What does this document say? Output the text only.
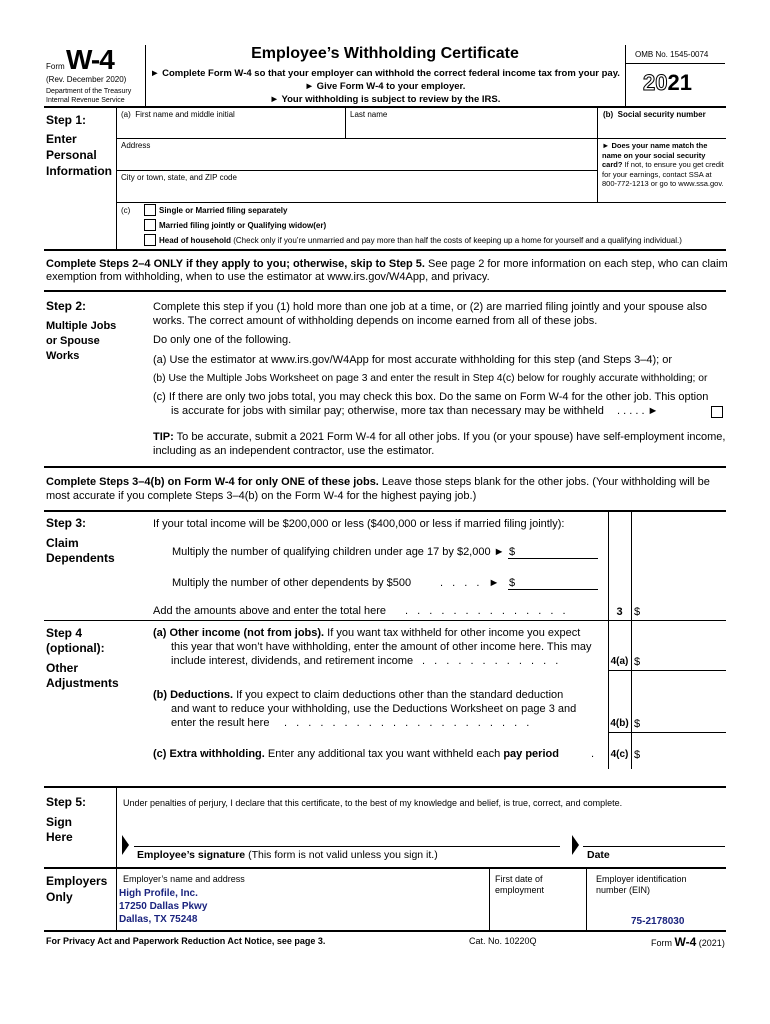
Form W-4
(Rev. December 2020)
Department of the Treasury
Internal Revenue Service
Employee’s Withholding Certificate
► Complete Form W-4 so that your employer can withhold the correct federal income tax from your pay.
► Give Form W-4 to your employer.
► Your withholding is subject to review by the IRS.
OMB No. 1545-0074
2021
Step 1:
Enter
Personal
Information
(a) First name and middle initial	Last name	(b) Social security number
Address	► Does your name match the name on your social security card? If not, to ensure you get credit for your earnings, contact SSA at 800-772-1213 or go to www.ssa.gov.
City or town, state, and ZIP code
(c)	Single or Married filing separately
Married filing jointly or Qualifying widow(er)
Head of household (Check only if you’re unmarried and pay more than half the costs of keeping up a home for yourself and a qualifying individual.)
Complete Steps 2–4 ONLY if they apply to you; otherwise, skip to Step 5. See page 2 for more information on each step, who can claim exemption from withholding, when to use the estimator at www.irs.gov/W4App, and privacy.
Step 2:
Multiple Jobs
or Spouse
Works
Complete this step if you (1) hold more than one job at a time, or (2) are married filing jointly and your spouse also works. The correct amount of withholding depends on income earned from all of these jobs.
Do only one of the following.
(a) Use the estimator at www.irs.gov/W4App for most accurate withholding for this step (and Steps 3–4); or
(b) Use the Multiple Jobs Worksheet on page 3 and enter the result in Step 4(c) below for roughly accurate withholding; or
(c) If there are only two jobs total, you may check this box. Do the same on Form W-4 for the other job. This option
is accurate for jobs with similar pay; otherwise, more tax than necessary may be withheld . . . . . ►
TIP: To be accurate, submit a 2021 Form W-4 for all other jobs. If you (or your spouse) have self-employment income, including as an independent contractor, use the estimator.
Complete Steps 3–4(b) on Form W-4 for only ONE of these jobs. Leave those steps blank for the other jobs. (Your withholding will be most accurate if you complete Steps 3–4(b) on the Form W-4 for the highest paying job.)
Step 3:
Claim
Dependents
If your total income will be $200,000 or less ($400,000 or less if married filing jointly):
Multiply the number of qualifying children under age 17 by $2,000 ► $
Multiply the number of other dependents by $500	. . . . ► $
Add the amounts above and enter the total here . . . . . . . . . . . . . .	3	$
Step 4
(optional):
Other
Adjustments
(a) Other income (not from jobs). If you want tax withheld for other income you expect
this year that won’t have withholding, enter the amount of other income here. This may
include interest, dividends, and retirement income . . . . . . . . . . . .	4(a) $
(b) Deductions. If you expect to claim deductions other than the standard deduction
and want to reduce your withholding, use the Deductions Worksheet on page 3 and
enter the result here . . . . . . . . . . . . . . . . . . . . .	4(b) $
(c) Extra withholding. Enter any additional tax you want withheld each pay period	. 4(c) $
Step 5:
Sign
Here
Under penalties of perjury, I declare that this certificate, to the best of my knowledge and belief, is true, correct, and complete.
Employee’s signature (This form is not valid unless you sign it.)	Date
Employers
Only
Employer’s name and address
High Profile, Inc.
17250 Dallas Pkwy
Dallas, TX 75248
First date of
employment
Employer identification
number (EIN)
75-2178030
For Privacy Act and Paperwork Reduction Act Notice, see page 3.	Cat. No. 10220Q	Form W-4 (2021)
